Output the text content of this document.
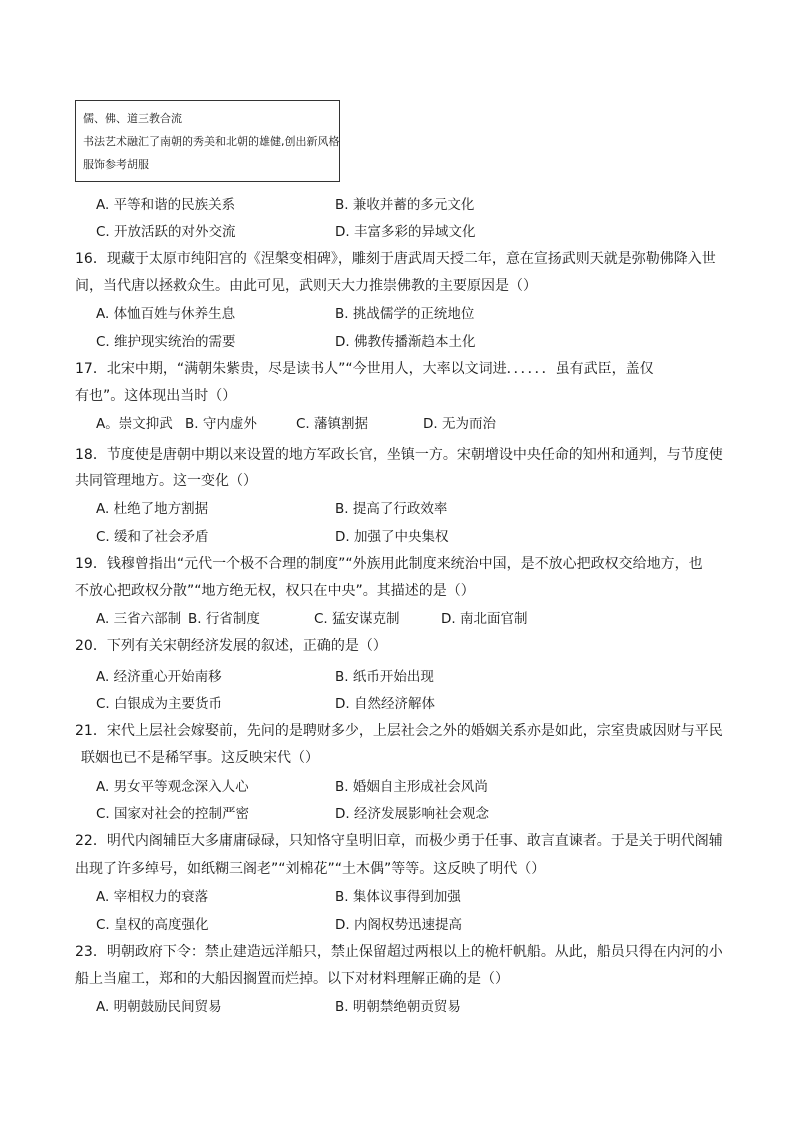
儒、佛、道三教合流
书法艺术融汇了南朝的秀美和北朝的雄健,创出新风格
服饰参考胡服
A. 平等和谐的民族关系	B. 兼收并蓄的多元文化
C. 开放活跃的对外交流	D. 丰富多彩的异域文化
16．现藏于太原市纯阳宫的《涅槃变相碑》，雕刻于唐武周天授二年，意在宣扬武则天就是弥勒佛降入世
间，当代唐以拯救众生。由此可见，武则天大力推崇佛教的主要原因是（）
A. 体恤百姓与休养生息	B. 挑战儒学的正统地位
C. 维护现实统治的需要	D. 佛教传播渐趋本土化
17．北宋中期，“满朝朱紫贵，尽是读书人”“今世用人，大率以文词进．．．．．．虽有武臣，盖仅
有也”。这体现出当时（）
A。崇文抑武 B. 守内虚外	C. 藩镇割据	D. 无为而治
18．节度使是唐朝中期以来设置的地方军政长官，坐镇一方。宋朝增设中央任命的知州和通判，与节度使
共同管理地方。这一变化（）
A. 杜绝了地方割据	B. 提高了行政效率
C. 缓和了社会矛盾	D. 加强了中央集权
19．钱穆曾指出“元代一个极不合理的制度”“外族用此制度来统治中国，是不放心把政权交给地方，也
不放心把政权分散”“地方绝无权，权只在中央”。其描述的是（）
A. 三省六部制 B. 行省制度	C. 猛安谋克制	D. 南北面官制
20．下列有关宋朝经济发展的叙述，正确的是（）
A. 经济重心开始南移	B. 纸币开始出现
C. 白银成为主要货币	D. 自然经济解体
21．宋代上层社会嫁娶前，先问的是聘财多少，上层社会之外的婚姻关系亦是如此，宗室贵戚因财与平民
联姻也已不是稀罕事。这反映宋代（）
A. 男女平等观念深入人心	B. 婚姻自主形成社会风尚
C. 国家对社会的控制严密	D. 经济发展影响社会观念
22．明代内阁辅臣大多庸庸碌碌，只知恪守皇明旧章，而极少勇于任事、敢言直谏者。于是关于明代阁辅
出现了许多绰号，如纸糊三阁老”“刘棉花”“土木偶”等等。这反映了明代（）
A. 宰相权力的衰落	B. 集体议事得到加强
C. 皇权的高度强化	D. 内阁权势迅速提高
23．明朝政府下令：禁止建造远洋船只，禁止保留超过两根以上的桅杆帆船。从此，船员只得在内河的小
船上当雇工，郑和的大船因搁置而烂掉。以下对材料理解正确的是（）
A. 明朝鼓励民间贸易	B. 明朝禁绝朝贡贸易
